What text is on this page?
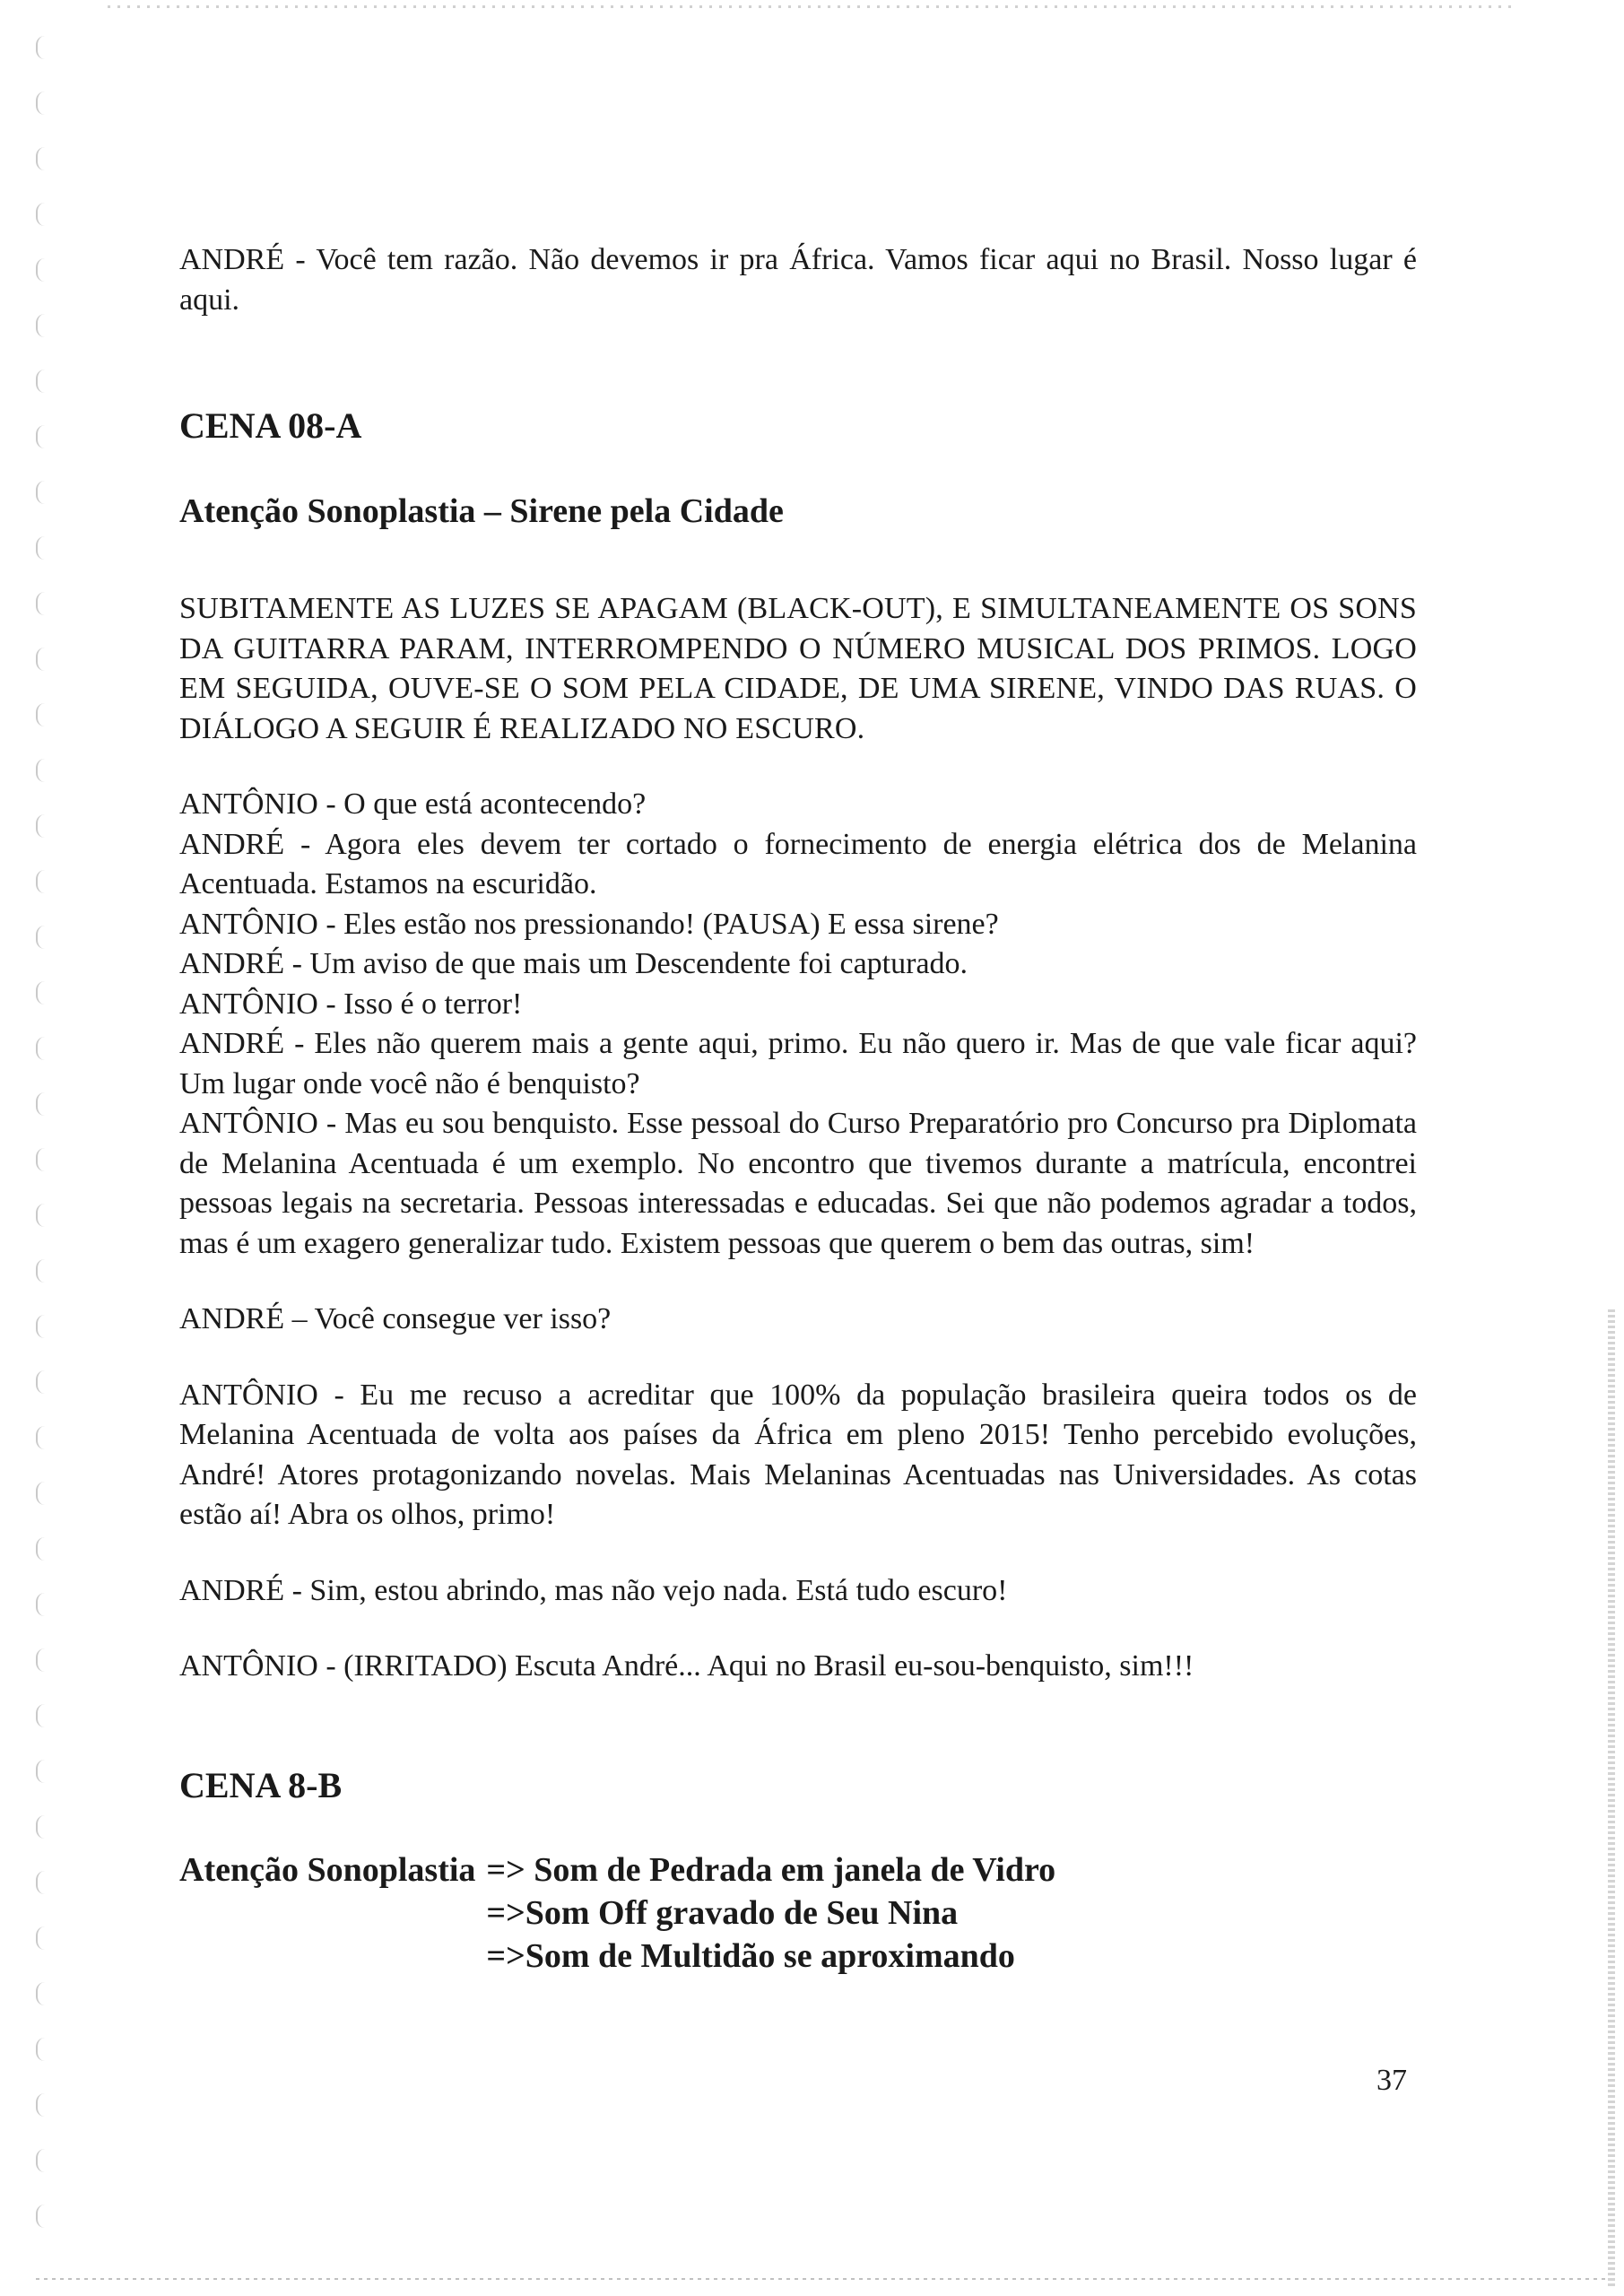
ANDRÉ - Você tem razão. Não devemos ir pra África. Vamos ficar aqui no Brasil. Nosso lugar é aqui.

CENA 08-A
Atenção Sonoplastia – Sirene pela Cidade

SUBITAMENTE AS LUZES SE APAGAM (BLACK-OUT), E SIMULTANEAMENTE OS SONS DA GUITARRA PARAM, INTERROMPENDO O NÚMERO MUSICAL DOS PRIMOS. LOGO EM SEGUIDA, OUVE-SE O SOM PELA CIDADE, DE UMA SIRENE, VINDO DAS RUAS. O DIÁLOGO A SEGUIR É REALIZADO NO ESCURO.

ANTÔNIO - O que está acontecendo?

ANDRÉ - Agora eles devem ter cortado o fornecimento de energia elétrica dos de Melanina Acentuada. Estamos na escuridão.

ANTÔNIO - Eles estão nos pressionando! (PAUSA) E essa sirene?

ANDRÉ - Um aviso de que mais um Descendente foi capturado.

ANTÔNIO - Isso é o terror!

ANDRÉ - Eles não querem mais a gente aqui, primo. Eu não quero ir. Mas de que vale ficar aqui? Um lugar onde você não é benquisto?

ANTÔNIO - Mas eu sou benquisto. Esse pessoal do Curso Preparatório pro Concurso pra Diplomata de Melanina Acentuada é um exemplo. No encontro que tivemos durante a matrícula, encontrei pessoas legais na secretaria. Pessoas interessadas e educadas. Sei que não podemos agradar a todos, mas é um exagero generalizar tudo. Existem pessoas que querem o bem das outras, sim!

ANDRÉ – Você consegue ver isso?

ANTÔNIO - Eu me recuso a acreditar que 100% da população brasileira queira todos os de Melanina Acentuada de volta aos países da África em pleno 2015! Tenho percebido evoluções, André! Atores protagonizando novelas. Mais Melaninas Acentuadas nas Universidades. As cotas estão aí! Abra os olhos, primo!

ANDRÉ - Sim, estou abrindo, mas não vejo nada. Está tudo escuro!

ANTÔNIO - (IRRITADO) Escuta André... Aqui no Brasil eu-sou-benquisto, sim!!!

CENA 8-B
Atenção Sonoplastia => Som de Pedrada em janela de Vidro
=>Som Off gravado de Seu Nina
=>Som de Multidão se aproximando
37
